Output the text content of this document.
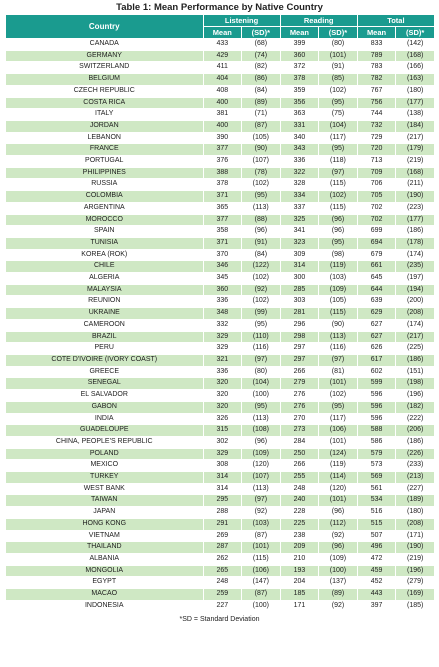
Table 1: Mean Performance by Native Country
Country	Listening		Reading		Total	
	Mean	(SD)*	Mean	(SD)*	Mean	(SD)*
CANADA	433	(68)	399	(80)	833	(142)
GERMANY	429	(74)	360	(101)	789	(168)
SWITZERLAND	411	(82)	372	(91)	783	(166)
BELGIUM	404	(86)	378	(85)	782	(163)
CZECH REPUBLIC	408	(84)	359	(102)	767	(180)
COSTA RICA	400	(89)	356	(95)	756	(177)
ITALY	381	(71)	363	(75)	744	(138)
JORDAN	400	(87)	331	(104)	732	(184)
LEBANON	390	(105)	340	(117)	729	(217)
FRANCE	377	(90)	343	(95)	720	(179)
PORTUGAL	376	(107)	336	(118)	713	(219)
PHILIPPINES	388	(78)	322	(97)	709	(168)
RUSSIA	378	(102)	328	(115)	706	(211)
COLOMBIA	371	(95)	334	(102)	705	(190)
ARGENTINA	365	(113)	337	(115)	702	(223)
MOROCCO	377	(88)	325	(96)	702	(177)
SPAIN	358	(96)	341	(96)	699	(186)
TUNISIA	371	(91)	323	(95)	694	(178)
KOREA (ROK)	370	(84)	309	(98)	679	(174)
CHILE	346	(122)	314	(119)	661	(235)
ALGERIA	345	(102)	300	(103)	645	(197)
MALAYSIA	360	(92)	285	(109)	644	(194)
REUNION	336	(102)	303	(105)	639	(200)
UKRAINE	348	(99)	281	(115)	629	(208)
CAMEROON	332	(95)	296	(90)	627	(174)
BRAZIL	329	(110)	298	(113)	627	(217)
PERU	329	(116)	297	(116)	626	(225)
COTE D'IVOIRE (IVORY COAST)	321	(97)	297	(97)	617	(186)
GREECE	336	(80)	266	(81)	602	(151)
SENEGAL	320	(104)	279	(101)	599	(198)
EL SALVADOR	320	(100)	276	(102)	596	(196)
GABON	320	(95)	276	(95)	596	(182)
INDIA	326	(113)	270	(117)	596	(222)
GUADELOUPE	315	(108)	273	(106)	588	(206)
CHINA, PEOPLE'S REPUBLIC	302	(96)	284	(101)	586	(186)
POLAND	329	(109)	250	(124)	579	(226)
MEXICO	308	(120)	266	(119)	573	(233)
TURKEY	314	(107)	255	(114)	569	(213)
WEST BANK	314	(113)	248	(120)	561	(227)
TAIWAN	295	(97)	240	(101)	534	(189)
JAPAN	288	(92)	228	(96)	516	(180)
HONG KONG	291	(103)	225	(112)	515	(208)
VIETNAM	269	(87)	238	(92)	507	(171)
THAILAND	287	(101)	209	(96)	496	(190)
ALBANIA	262	(115)	210	(109)	472	(219)
MONGOLIA	265	(106)	193	(100)	459	(196)
EGYPT	248	(147)	204	(137)	452	(279)
MACAO	259	(87)	185	(89)	443	(169)
INDONESIA	227	(100)	171	(92)	397	(185)
*SD = Standard Deviation
